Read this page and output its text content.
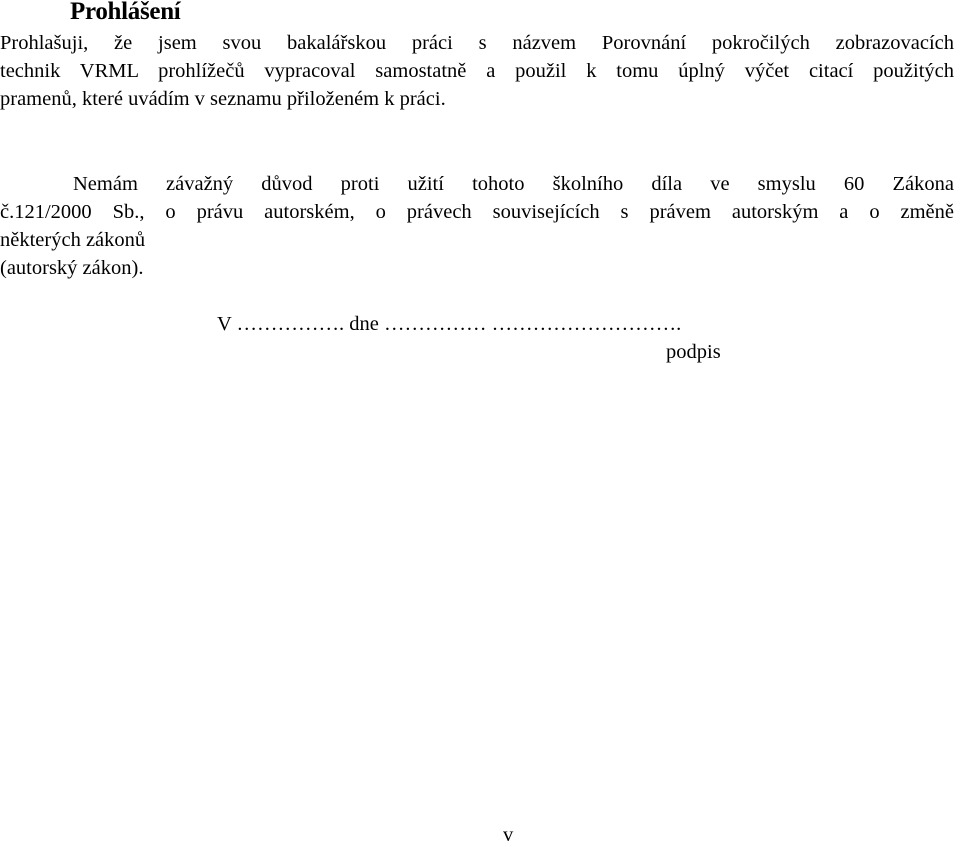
Prohlášení
Prohlašuji, že jsem svou bakalářskou práci s názvem Porovnání pokročilých zobrazovacích
technik VRML prohlížečů vypracoval samostatně a použil k tomu úplný výčet citací použitých
pramenů, které uvádím v seznamu přiloženém k práci.
Nemám závažný důvod proti užití tohoto školního díla ve smyslu 60 Zákona
č.121/2000 Sb., o právu autorském, o právech souvisejících s právem autorským a o změně
některých zákonů
(autorský zákon).
V ……………. dne …………… ……………………….
podpis
v
